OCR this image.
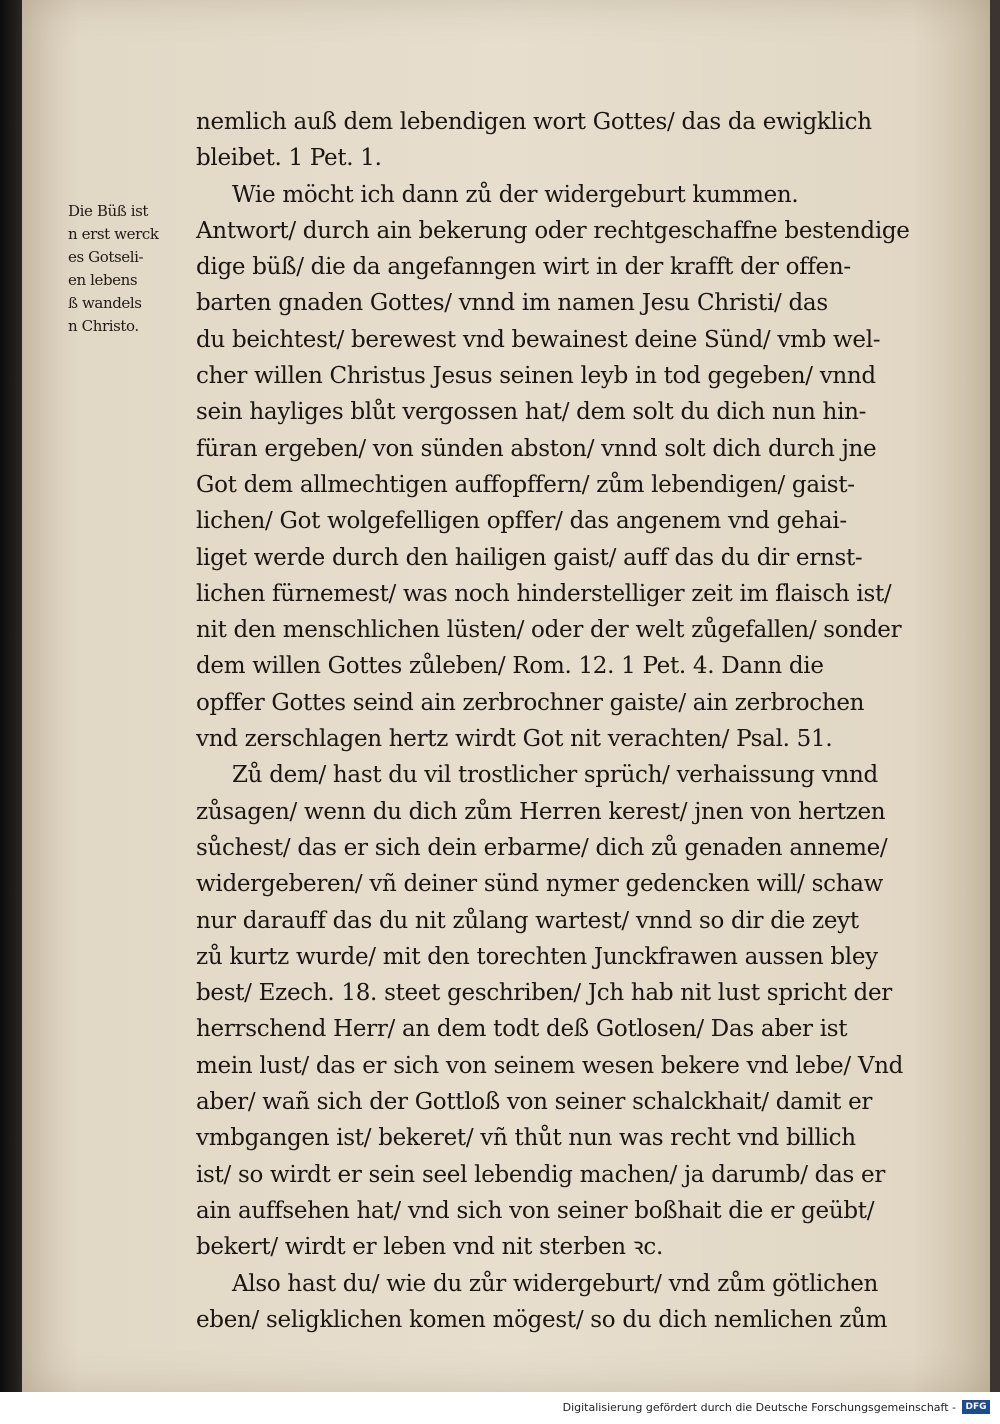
Die Büß ist
n erst werck
es Gotseli-
en lebens
ß wandels
n Christo.
nemlich auß dem lebendigen wort Gottes/ das da ewigklich
bleibet. 1 Pet. 1.
Wie möcht ich dann zů der widergeburt kummen.
Antwort/ durch ain bekerung oder rechtgeschaffne bestendige
dige büß/ die da angefanngen wirt in der krafft der offen-
barten gnaden Gottes/ vnnd im namen Jesu Christi/ das
du beichtest/ berewest vnd bewainest deine Sünd/ vmb wel-
cher willen Christus Jesus seinen leyb in tod gegeben/ vnnd
sein hayliges blůt vergossen hat/ dem solt du dich nun hin-
füran ergeben/ von sünden abston/ vnnd solt dich durch jne
Got dem allmechtigen auffopffern/ zům lebendigen/ gaist-
lichen/ Got wolgefelligen opffer/ das angenem vnd gehai-
liget werde durch den hailigen gaist/ auff das du dir ernst-
lichen fürnemest/ was noch hinderstelliger zeit im flaisch ist/
nit den menschlichen lüsten/ oder der welt zůgefallen/ sonder
dem willen Gottes zůleben/ Rom. 12. 1 Pet. 4. Dann die
opffer Gottes seind ain zerbrochner gaiste/ ain zerbrochen
vnd zerschlagen hertz wirdt Got nit verachten/ Psal. 51.
Zů dem/ hast du vil trostlicher sprüch/ verhaissung vnnd
zůsagen/ wenn du dich zům Herren kerest/ jnen von hertzen
sůchest/ das er sich dein erbarme/ dich zů genaden anneme/
widergeberen/ vñ deiner sünd nymer gedencken will/ schaw
nur darauff das du nit zůlang wartest/ vnnd so dir die zeyt
zů kurtz wurde/ mit den torechten Junckfrawen aussen bley
best/ Ezech. 18. steet geschriben/ Jch hab nit lust spricht der
herrschend Herr/ an dem todt deß Gotlosen/ Das aber ist
mein lust/ das er sich von seinem wesen bekere vnd lebe/ Vnd
aber/ wañ sich der Gottloß von seiner schalckhait/ damit er
vmbgangen ist/ bekeret/ vñ thůt nun was recht vnd billich
ist/ so wirdt er sein seel lebendig machen/ ja darumb/ das er
ain auffsehen hat/ vnd sich von seiner boßhait die er geübt/
bekert/ wirdt er leben vnd nit sterben ꝛc.
Also hast du/ wie du zůr widergeburt/ vnd zům götlichen
eben/ seligklichen komen mögest/ so du dich nemlichen zům
Digitalisierung gefördert durch die Deutsche Forschungsgemeinschaft -	DFG
